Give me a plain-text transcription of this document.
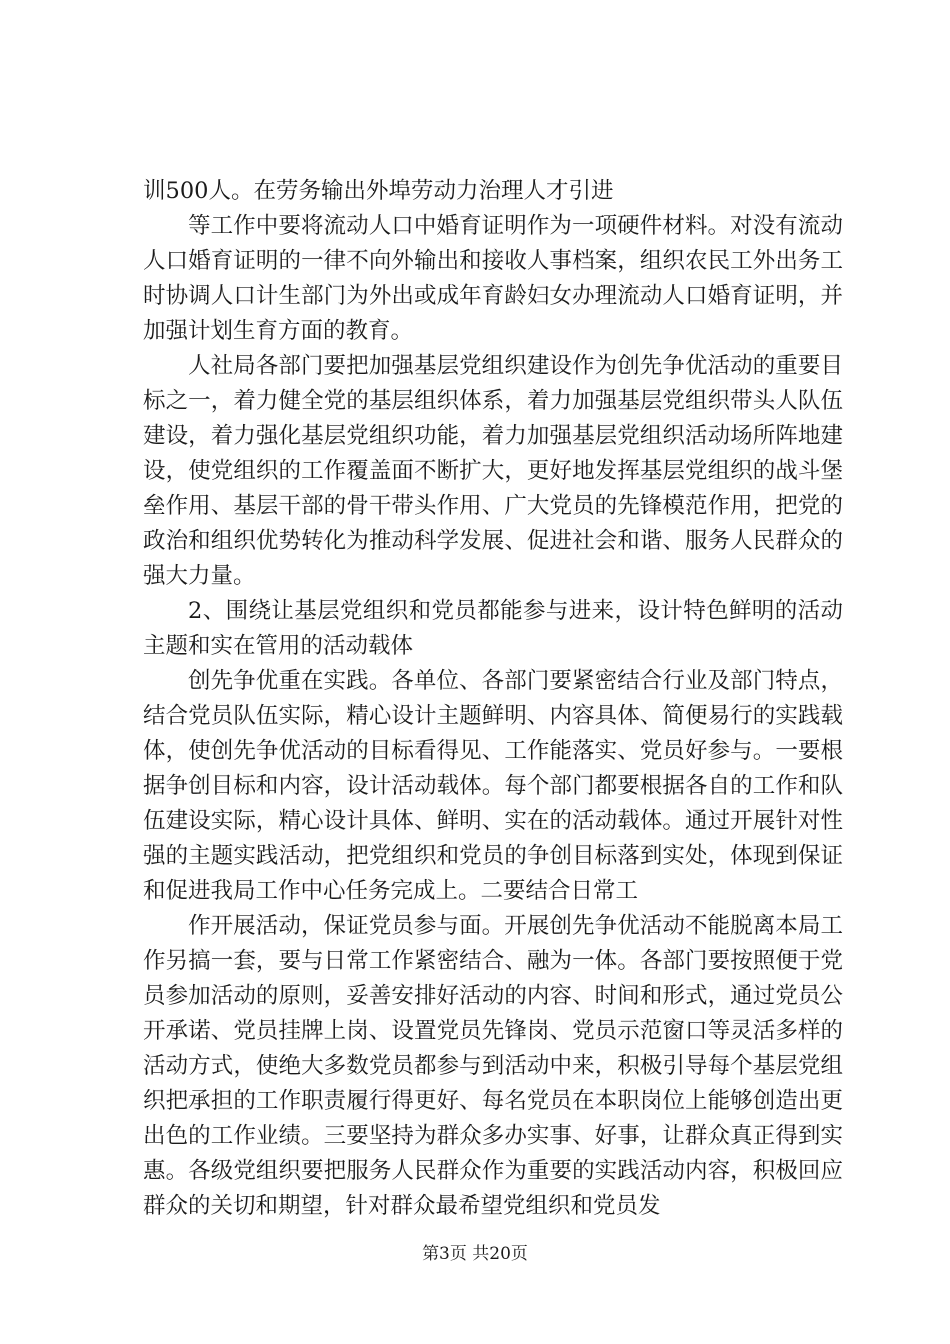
训500人。在劳务输出外埠劳动力治理人才引进

等工作中要将流动人口中婚育证明作为一项硬件材料。对没有流动人口婚育证明的一律不向外输出和接收人事档案，组织农民工外出务工时协调人口计生部门为外出或成年育龄妇女办理流动人口婚育证明，并加强计划生育方面的教育。

人社局各部门要把加强基层党组织建设作为创先争优活动的重要目标之一，着力健全党的基层组织体系，着力加强基层党组织带头人队伍建设，着力强化基层党组织功能，着力加强基层党组织活动场所阵地建设，使党组织的工作覆盖面不断扩大，更好地发挥基层党组织的战斗堡垒作用、基层干部的骨干带头作用、广大党员的先锋模范作用，把党的政治和组织优势转化为推动科学发展、促进社会和谐、服务人民群众的强大力量。

2、围绕让基层党组织和党员都能参与进来，设计特色鲜明的活动主题和实在管用的活动载体

创先争优重在实践。各单位、各部门要紧密结合行业及部门特点，结合党员队伍实际，精心设计主题鲜明、内容具体、简便易行的实践载体，使创先争优活动的目标看得见、工作能落实、党员好参与。一要根据争创目标和内容，设计活动载体。每个部门都要根据各自的工作和队伍建设实际，精心设计具体、鲜明、实在的活动载体。通过开展针对性强的主题实践活动，把党组织和党员的争创目标落到实处，体现到保证和促进我局工作中心任务完成上。二要结合日常工

作开展活动，保证党员参与面。开展创先争优活动不能脱离本局工作另搞一套，要与日常工作紧密结合、融为一体。各部门要按照便于党员参加活动的原则，妥善安排好活动的内容、时间和形式，通过党员公开承诺、党员挂牌上岗、设置党员先锋岗、党员示范窗口等灵活多样的活动方式，使绝大多数党员都参与到活动中来，积极引导每个基层党组织把承担的工作职责履行得更好、每名党员在本职岗位上能够创造出更出色的工作业绩。三要坚持为群众多办实事、好事，让群众真正得到实惠。各级党组织要把服务人民群众作为重要的实践活动内容，积极回应群众的关切和期望，针对群众最希望党组织和党员发

第3页 共20页
